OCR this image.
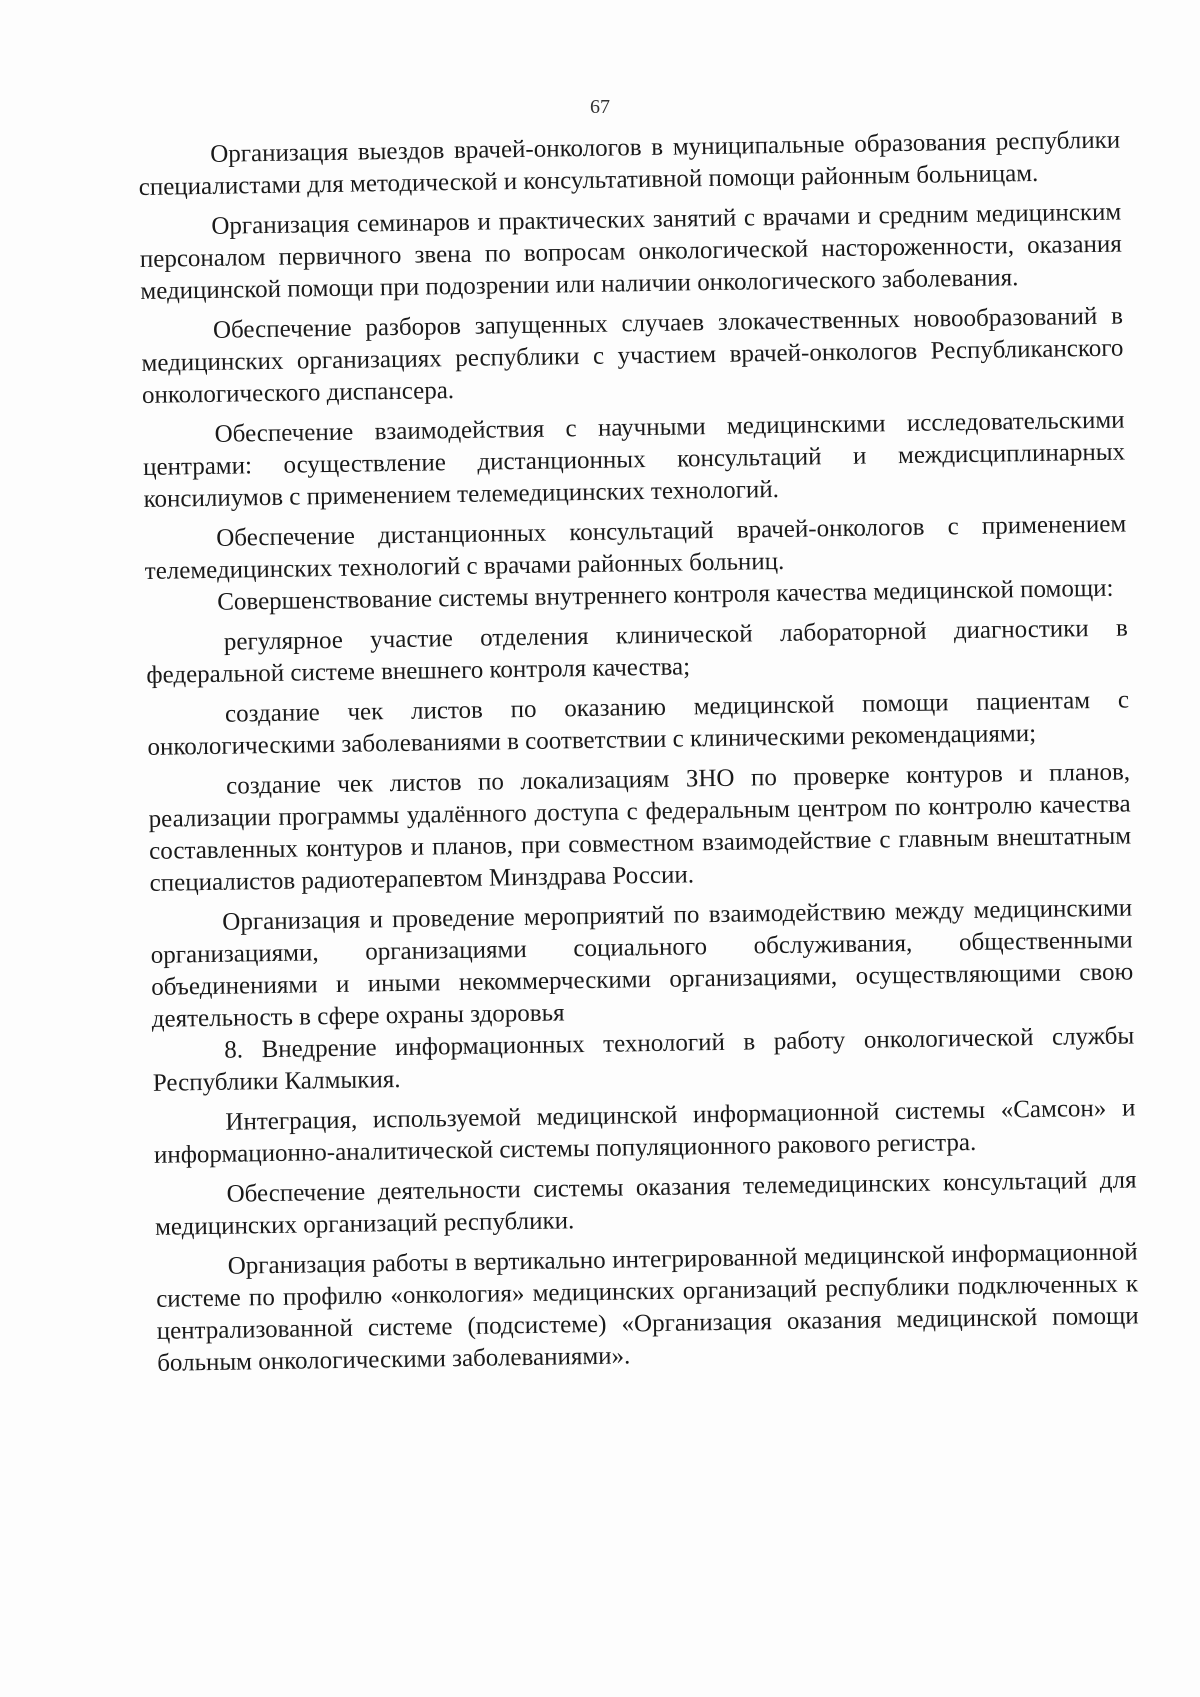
67

Организация выездов врачей-онкологов в муниципальные образования республики специалистами для методической и консультативной помощи районным больницам.

Организация семинаров и практических занятий с врачами и средним медицинским персоналом первичного звена по вопросам онкологической настороженности, оказания медицинской помощи при подозрении или наличии онкологического заболевания.

Обеспечение разборов запущенных случаев злокачественных новообразований в медицинских организациях республики с участием врачей-онкологов Республиканского онкологического диспансера.

Обеспечение взаимодействия с научными медицинскими исследовательскими центрами: осуществление дистанционных консультаций и междисциплинарных консилиумов с применением телемедицинских технологий.

Обеспечение дистанционных консультаций врачей-онкологов с применением телемедицинских технологий с врачами районных больниц.

Совершенствование системы внутреннего контроля качества медицинской помощи:

регулярное участие отделения клинической лабораторной диагностики в федеральной системе внешнего контроля качества;

создание чек листов по оказанию медицинской помощи пациентам с онкологическими заболеваниями в соответствии с клиническими рекомендациями;

создание чек листов по локализациям ЗНО по проверке контуров и планов, реализации программы удалённого доступа с федеральным центром по контролю качества составленных контуров и планов, при совместном взаимодействие с главным внештатным специалистов радиотерапевтом Минздрава России.

Организация и проведение мероприятий по взаимодействию между медицинскими организациями, организациями социального обслуживания, общественными объединениями и иными некоммерческими организациями, осуществляющими свою деятельность в сфере охраны здоровья

8. Внедрение информационных технологий в работу онкологической службы Республики Калмыкия.

Интеграция, используемой медицинской информационной системы «Самсон» и информационно-аналитической системы популяционного ракового регистра.

Обеспечение деятельности системы оказания телемедицинских консультаций для медицинских организаций республики.

Организация работы в вертикально интегрированной медицинской информационной системе по профилю «онкология» медицинских организаций республики подключенных к централизованной системе (подсистеме) «Организация оказания медицинской помощи больным онкологическими заболеваниями».
